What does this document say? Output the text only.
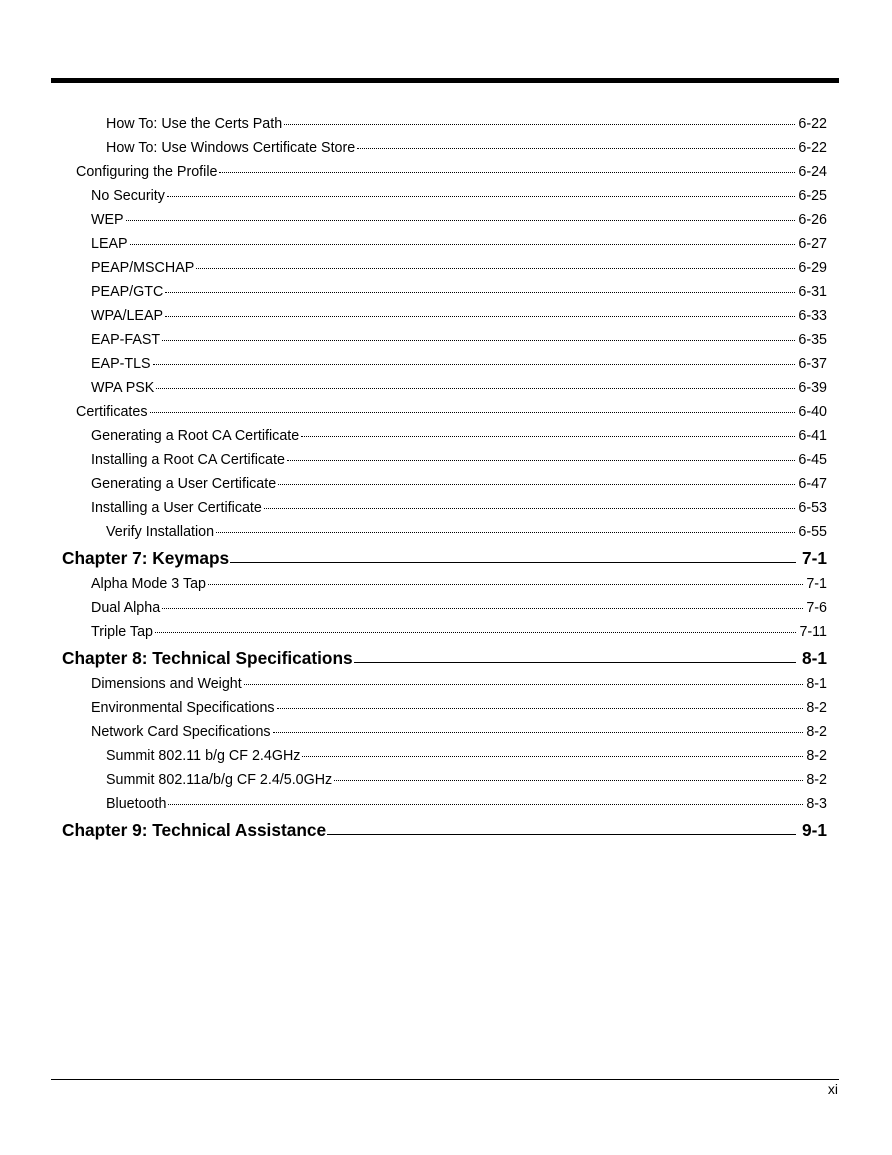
How To: Use the Certs Path	6-22
How To: Use Windows Certificate Store	6-22
Configuring the Profile	6-24
No Security	6-25
WEP	6-26
LEAP	6-27
PEAP/MSCHAP	6-29
PEAP/GTC	6-31
WPA/LEAP	6-33
EAP-FAST	6-35
EAP-TLS	6-37
WPA PSK	6-39
Certificates	6-40
Generating a Root CA Certificate	6-41
Installing a Root CA Certificate	6-45
Generating a User Certificate	6-47
Installing a User Certificate	6-53
Verify Installation	6-55
Chapter 7: Keymaps	7-1
Alpha Mode 3 Tap	7-1
Dual Alpha	7-6
Triple Tap	7-11
Chapter 8: Technical Specifications	8-1
Dimensions and Weight	8-1
Environmental Specifications	8-2
Network Card Specifications	8-2
Summit 802.11 b/g CF 2.4GHz	8-2
Summit 802.11a/b/g CF 2.4/5.0GHz	8-2
Bluetooth	8-3
Chapter 9: Technical Assistance	9-1
xi
